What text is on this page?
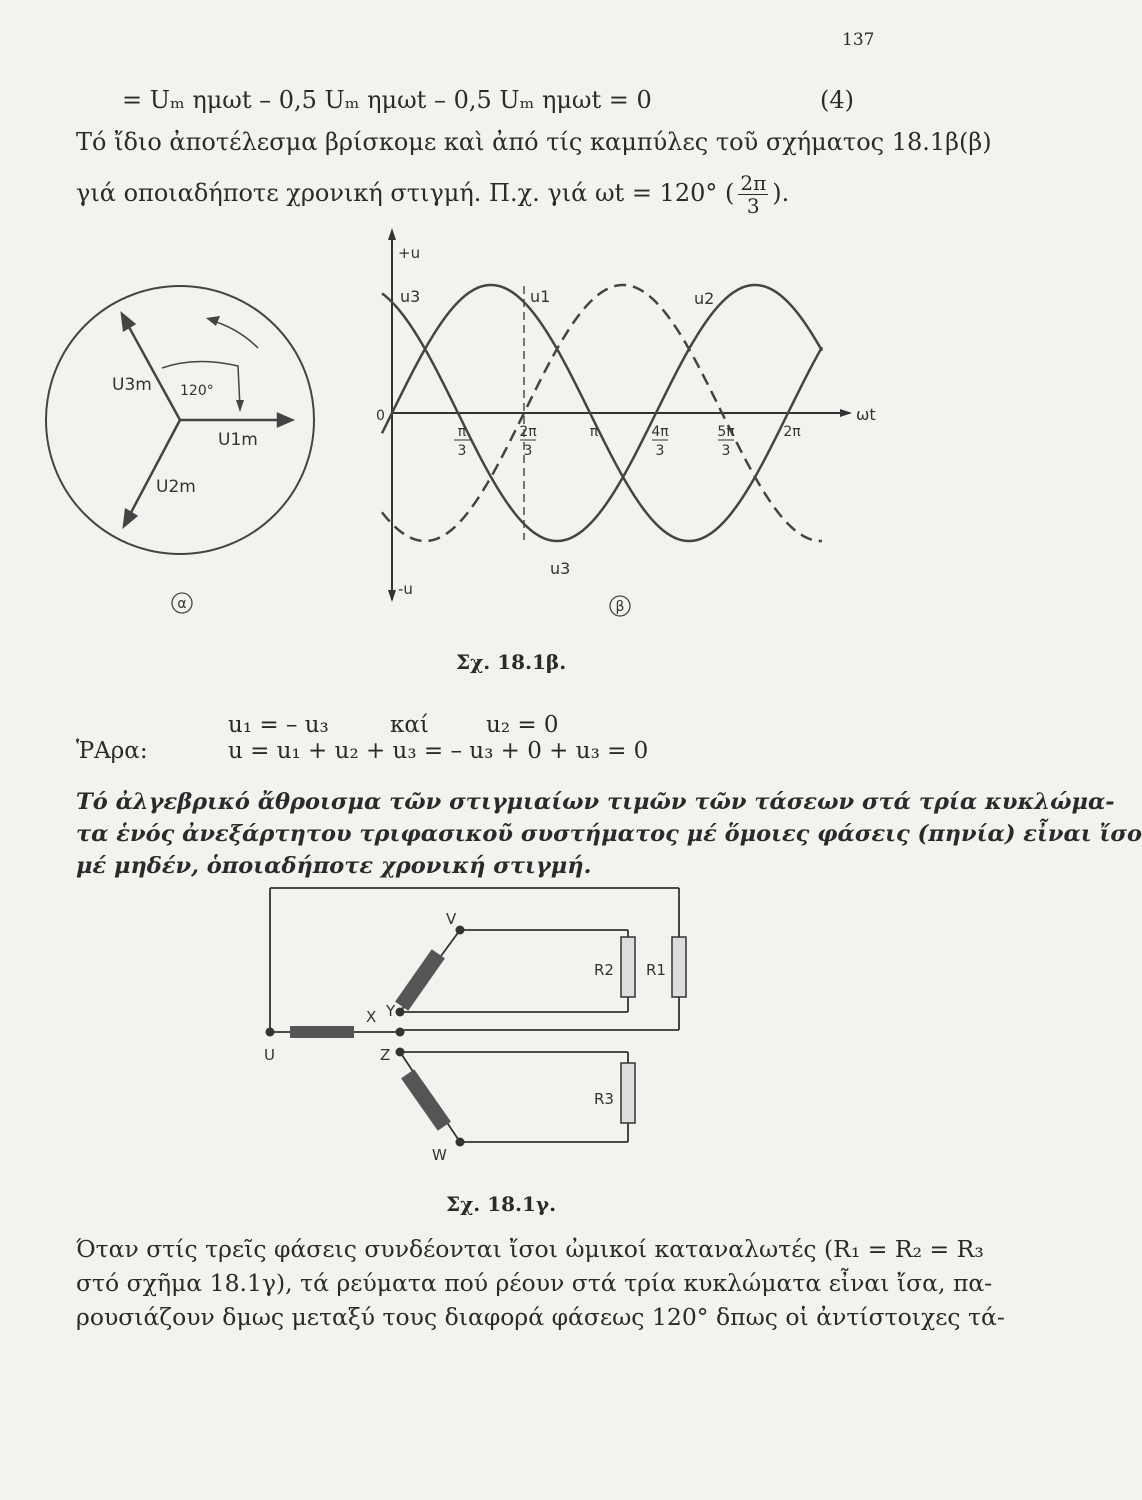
137
= Uₘ ημωt – 0,5 Uₘ ημωt – 0,5 Uₘ ημωt = 0	(4)
Τό ἴδιο ἀποτέλεσμα βρίσκομε καὶ ἀπό τίς καμπύλες τοῦ σχήματος 18.1β(β)
γιά οποιαδήποτε χρονική στιγμή. Π.χ. γιά ωt = 120° ( $\frac{2\pi}{3}$ ).
U3m 120°
U1m
U2m
α
+u
-u
ωt
0
π
3
2π
3
π	4π
3
5π
3
2π
u3	u1	u2
u3
β
Σχ. 18.1β.
u₁ = – u₃	καί u₂ = 0
ῬΑρα:	u = u₁ + u₂ + u₃ = – u₃ + 0 + u₃ = 0
Τό ἀλγεβρικό ἄθροισμα τῶν στιγμιαίων τιμῶν τῶν τάσεων στά τρία κυκλώμα-
τα ἑνός ἀνεξάρτητου τριφασικοῦ συστήματος μέ ὅμοιες φάσεις (πηνία) εἶναι ἴσο
μέ μηδέν, ὁποιαδήποτε χρονική στιγμή.
V
R2 R1
X Y
U	Z
R3
W
Σχ. 18.1γ.
Όταν στίς τρεῖς φάσεις συνδέονται ἴσοι ὠμικοί καταναλωτές (R₁ = R₂ = R₃
στό σχῆμα 18.1γ), τά ρεύματα πού ρέουν στά τρία κυκλώματα εἶναι ἴσα, πα-
ρουσιάζουν δμως μεταξύ τους διαφορά φάσεως 120° δπως οἱ ἀντίστοιχες τά-
